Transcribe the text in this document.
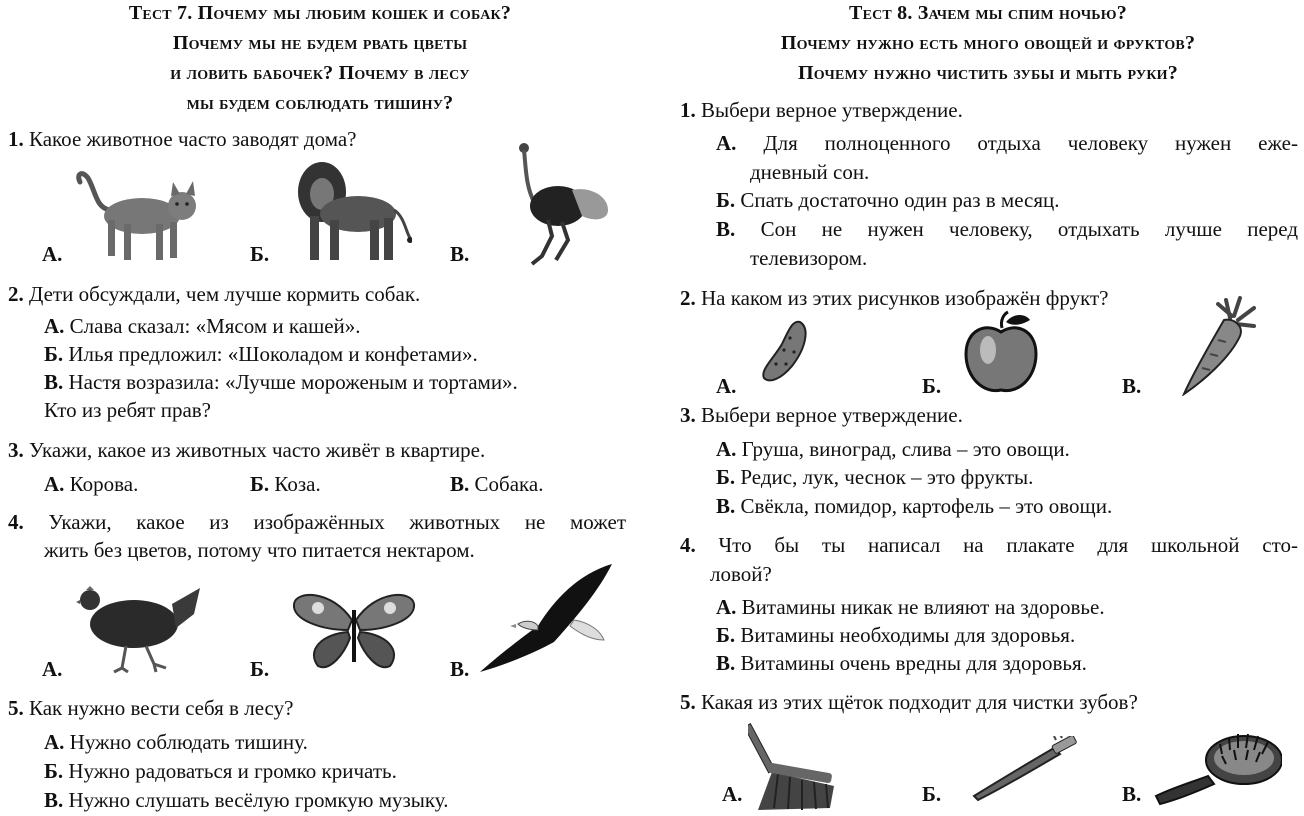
Тест 7. Почему мы любим кошек и собак?
Почему мы не будем рвать цветы
и ловить бабочек? Почему в лесу
мы будем соблюдать тишину?
1. Какое животное часто заводят дома?
А.	Б.	В.
2. Дети обсуждали, чем лучше кормить собак.
А. Слава сказал: «Мясом и кашей».
Б. Илья предложил: «Шоколадом и конфетами».
В. Настя возразила: «Лучше мороженым и тортами».
Кто из ребят прав?
3. Укажи, какое из животных часто живёт в квартире.
А. Корова.	Б. Коза.	В. Собака.
4. Укажи, какое из изображённых животных не может
жить без цветов, потому что питается нектаром.
А.	Б.	В.
5. Как нужно вести себя в лесу?
А. Нужно соблюдать тишину.
Б. Нужно радоваться и громко кричать.
В. Нужно слушать весёлую громкую музыку.
Тест 8. Зачем мы спим ночью?
Почему нужно есть много овощей и фруктов?
Почему нужно чистить зубы и мыть руки?
1. Выбери верное утверждение.
А. Для полноценного отдыха человеку нужен еже-
дневный сон.
Б. Спать достаточно один раз в месяц.
В. Сон не нужен человеку, отдыхать лучше перед
телевизором.
2. На каком из этих рисунков изображён фрукт?
А.	Б.	В.
3. Выбери верное утверждение.
А. Груша, виноград, слива – это овощи.
Б. Редис, лук, чеснок – это фрукты.
В. Свёкла, помидор, картофель – это овощи.
4. Что бы ты написал на плакате для школьной сто-
ловой?
А. Витамины никак не влияют на здоровье.
Б. Витамины необходимы для здоровья.
В. Витамины очень вредны для здоровья.
5. Какая из этих щёток подходит для чистки зубов?
А.	Б.	В.
